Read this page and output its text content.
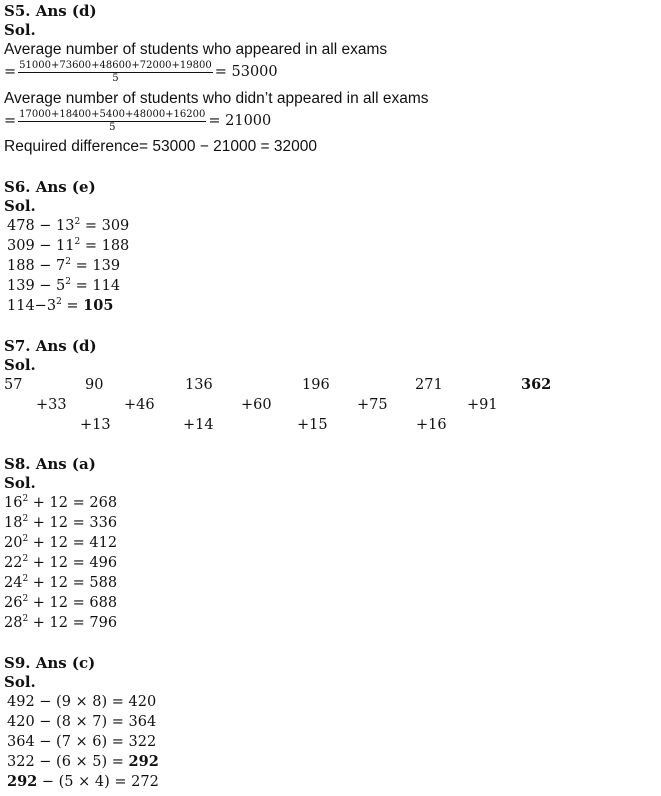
S5. Ans (d)
Sol.
Average number of students who appeared in all exams
= $\frac{51000+73600+48600+72000+19800}{5} = 53000$
Average number of students who didn’t appeared in all exams
= $\frac{17000+18400+5400+48000+16200}{5} = 21000$
Required difference= 53000 − 21000 = 32000
S6. Ans (e)
Sol.
$478 - 13^2 = 309$
$309 - 11^2 = 188$
$188 - 7^2 = 139$
$139 - 5^2 = 114$
$114-3^2 = 105$
S7. Ans (d)
Sol.
57	90	136	196	271	362
+33	+46	+60	+75	+91
+13	+14	+15	+16
S8. Ans (a)
Sol.
$16^2 + 12 = 268$
$18^2 + 12 = 336$
$20^2 + 12 = 412$
$22^2 + 12 = 496$
$24^2 + 12 = 588$
$26^2 + 12 = 688$
$28^2 + 12 = 796$
S9. Ans (c)
Sol.
492 − (9 × 8) = 420
420 − (8 × 7) = 364
364 − (7 × 6) = 322
322 − (6 × 5) = 292
292 − (5 × 4) = 272
